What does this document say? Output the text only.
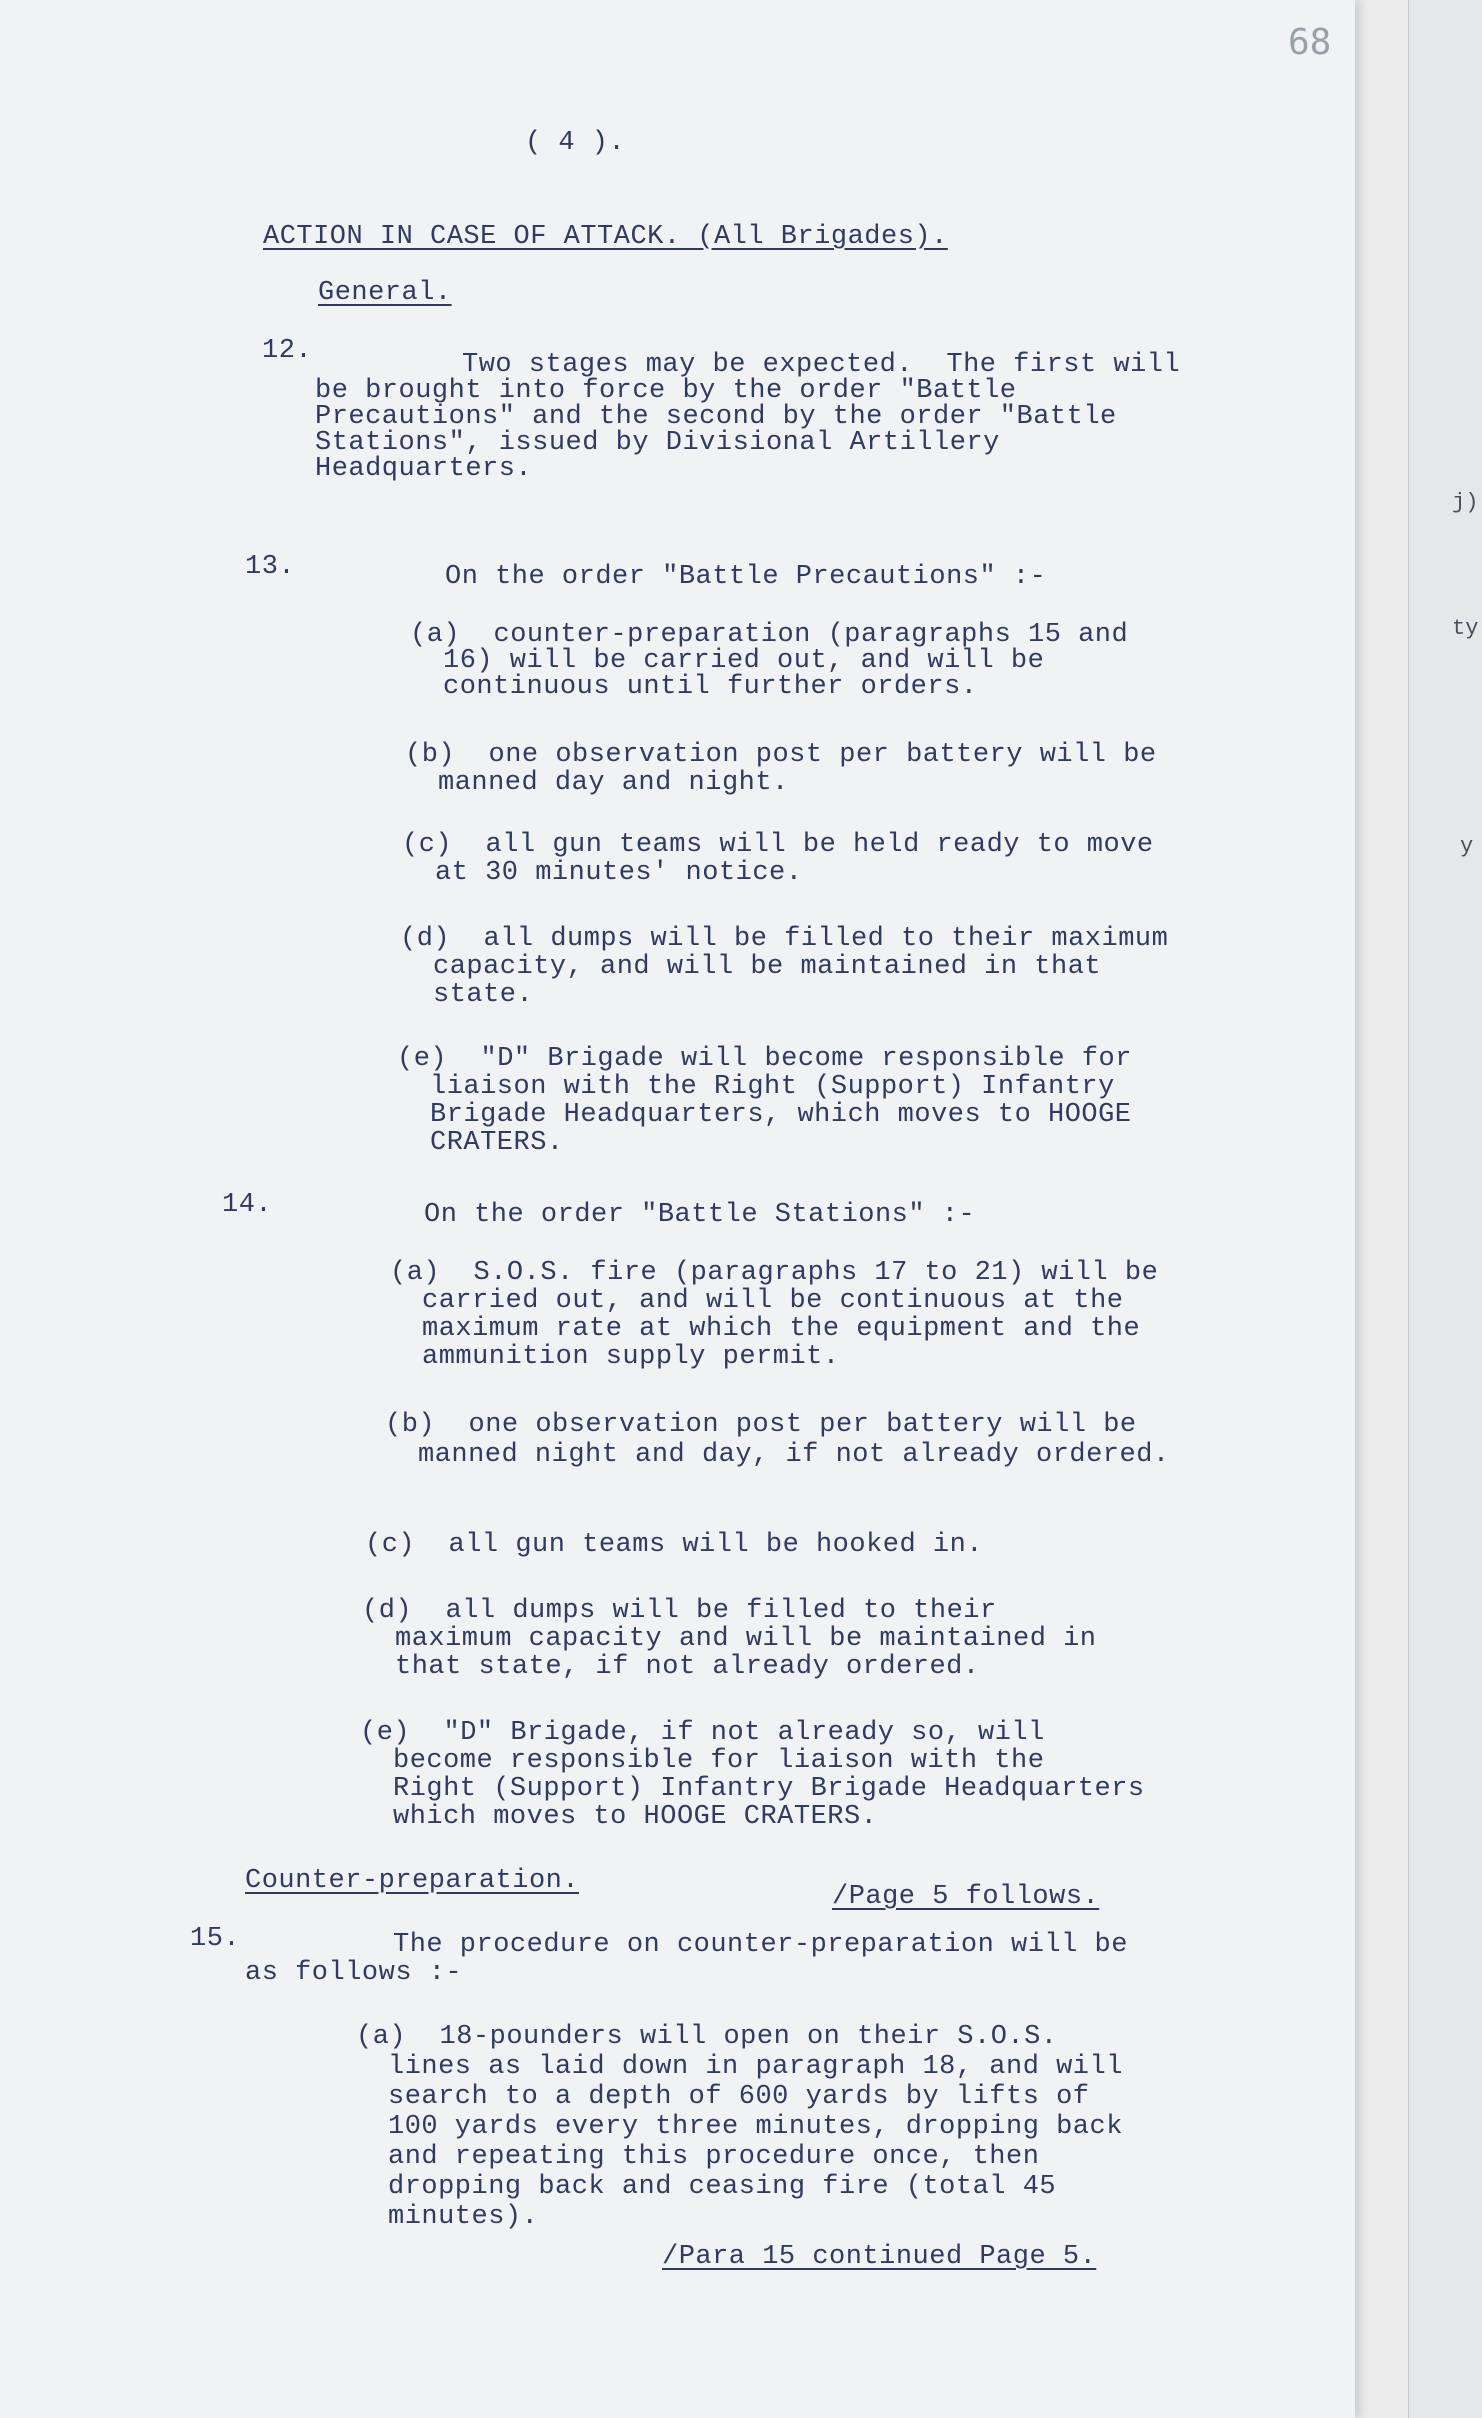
68
( 4 ).
ACTION IN CASE OF ATTACK. (All Brigades).
General.
12.	Two stages may be expected.  The first will
be brought into force by the order "Battle
Precautions" and the second by the order "Battle
Stations", issued by Divisional Artillery
Headquarters.
13.	On the order "Battle Precautions" :-
(a)  counter-preparation (paragraphs 15 and
16) will be carried out, and will be
continuous until further orders.
(b)  one observation post per battery will be
manned day and night.
(c)  all gun teams will be held ready to move
at 30 minutes' notice.
(d)  all dumps will be filled to their maximum
capacity, and will be maintained in that
state.
(e)  "D" Brigade will become responsible for
liaison with the Right (Support) Infantry
Brigade Headquarters, which moves to HOOGE
CRATERS.
14.	On the order "Battle Stations" :-
(a)  S.O.S. fire (paragraphs 17 to 21) will be
carried out, and will be continuous at the
maximum rate at which the equipment and the
ammunition supply permit.
(b)  one observation post per battery will be
manned night and day, if not already ordered.
(c)  all gun teams will be hooked in.
(d)  all dumps will be filled to their
maximum capacity and will be maintained in
that state, if not already ordered.
(e)  "D" Brigade, if not already so, will
become responsible for liaison with the
Right (Support) Infantry Brigade Headquarters
which moves to HOOGE CRATERS.
Counter-preparation.
/Page 5 follows.
15.	The procedure on counter-preparation will be
as follows :-
(a)  18-pounders will open on their S.O.S.
lines as laid down in paragraph 18, and will
search to a depth of 600 yards by lifts of
100 yards every three minutes, dropping back
and repeating this procedure once, then
dropping back and ceasing fire (total 45
minutes).
/Para 15 continued Page 5.
j)
ty
y
